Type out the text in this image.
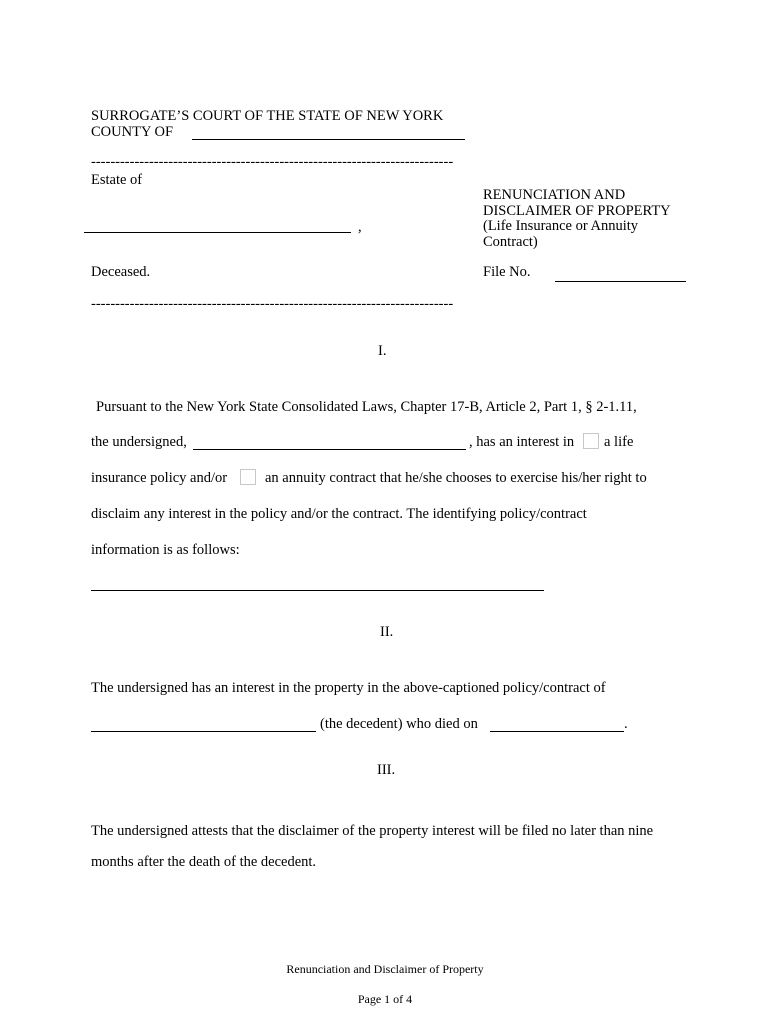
SURROGATE’S COURT OF THE STATE OF NEW YORK
COUNTY OF
---------------------------------------------------------------------------
Estate of
,
Deceased.
---------------------------------------------------------------------------
RENUNCIATION AND
DISCLAIMER OF PROPERTY
(Life Insurance or Annuity
Contract)
File No.
I.
Pursuant to the New York State Consolidated Laws, Chapter 17-B, Article 2, Part 1, § 2-1.11,
the undersigned,	, has an interest in a life
insurance policy and/or	an annuity contract that he/she chooses to exercise his/her right to
disclaim any interest in the policy and/or the contract. The identifying policy/contract
information is as follows:
II.
The undersigned has an interest in the property in the above-captioned policy/contract of
(the decedent) who died on	.
III.
The undersigned attests that the disclaimer of the property interest will be filed no later than nine
months after the death of the decedent.
Renunciation and Disclaimer of Property
Page 1 of 4
